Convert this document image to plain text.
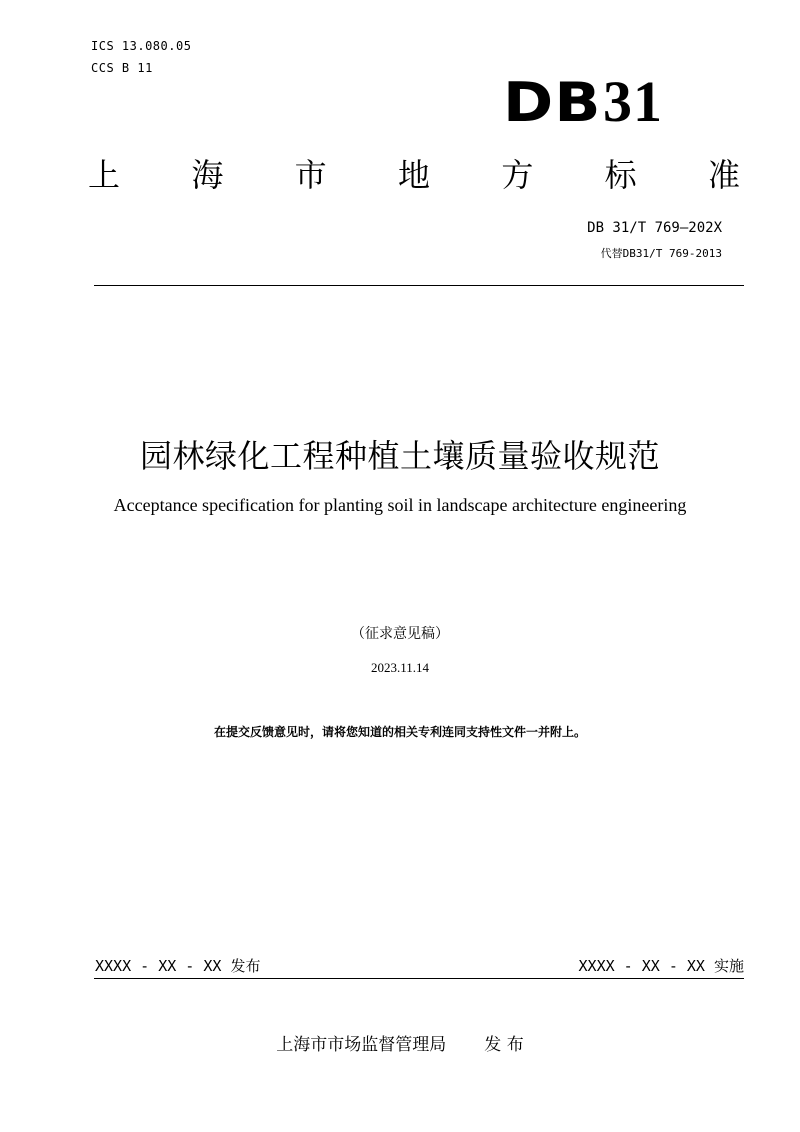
ICS 13.080.05
CCS B 11
DB31
上 海 市 地 方 标 准
DB 31/T 769—202X
代替DB31/T 769-2013
园林绿化工程种植土壤质量验收规范
Acceptance specification for planting soil in landscape architecture engineering
（征求意见稿）
2023.11.14
在提交反馈意见时，请将您知道的相关专利连同支持性文件一并附上。
XXXX - XX - XX 发布	XXXX - XX - XX 实施
上海市市场监督管理局 发 布
